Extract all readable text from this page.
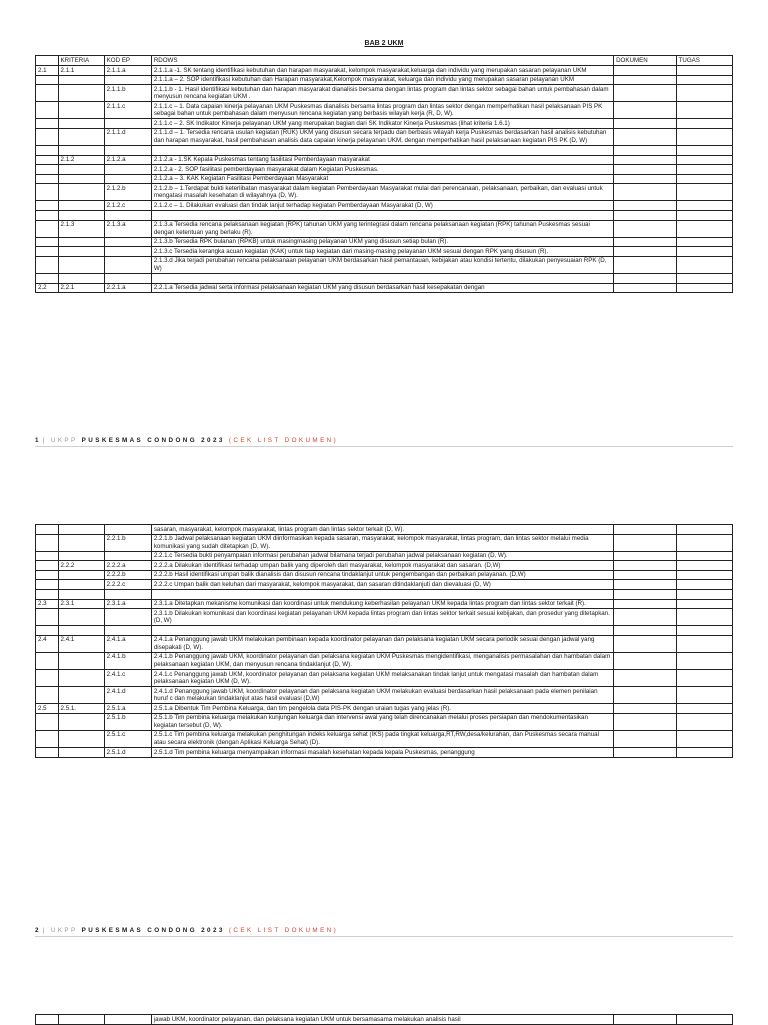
BAB 2 UKM
	KRITERIA	KOD EP	RDOWS	DOKUMEN	TUGAS
2.1	2.1.1	2.1.1.a	2.1.1.a -1. SK tentang identifikasi kebutuhan dan harapan masyarakat, kelompok masyarakat,keluarga dan individu yang merupakan sasaran pelayanan UKM		
			2.1.1.a – 2. SOP identifikasi kebutuhan dan Harapan masyarakat,Kelompok masyarakat, keluarga dan individu yang merupakan sasaran pelayanan UKM		
		2.1.1.b	2.1.1.b - 1. Hasil identifikasi kebutuhan dan harapan masyarakat dianalisis bersama dengan lintas program dan lintas sektor sebagai bahan untuk pembahasan dalam menyusun rencana kegiatan UKM .		
		2.1.1.c	2.1.1.c – 1. Data capaian kinerja pelayanan UKM Puskesmas dianalisis bersama lintas program dan lintas sektor dengan memperhatikan hasil pelaksanaan PIS PK sebagai bahan untuk pembahasan dalam menyusun rencana kegiatan yang berbasis wilayah kerja (R, D, W).		
			2.1.1.c – 2. SK Indikator Kinerja pelayanan UKM yang merupakan bagian dari SK Indikator Kinerja Puskesmas (lihat kriteria 1.6.1)		
		2.1.1.d	2.1.1.d – 1. Tersedia rencana usulan kegiatan (RUK) UKM yang disusun secara terpadu dan berbasis wilayah kerja Puskesmas berdasarkan hasil analisis kebutuhan dan harapan masyarakat, hasil pembahasan analisis data capaian kinerja pelayanan UKM, dengan memperhatikan hasil pelaksanaan kegiatan PIS PK (D, W)		

	2.1.2	2.1.2.a	2.1.2.a - 1.SK Kepala Puskesmas tentang fasilitasi Pemberdayaan masyarakat		
			2.1.2.a - 2. SOP fasilitasi pemberdayaan masyarakat dalam Kegiatan Puskesmas.		
			2.1.2.a – 3. KAK Kegiatan Fasilitasi Pemberdayaan Masyarakat		
		2.1.2.b	2.1.2.b – 1.Terdapat bukti keterlibatan masyarakat dalam kegiatan Pemberdayaan Masyarakat mulai dari perencanaan, pelaksanaan, perbaikan, dan evaluasi untuk mengatasi masalah kesehatan di wilayahnya (D, W).		
		2.1.2.c	2.1.2.c – 1. Dilakukan evaluasi dan tindak lanjut terhadap kegiatan Pemberdayaan Masyarakat (D, W)		

	2.1.3	2.1.3.a	2.1.3.a Tersedia rencana pelaksanaan kegiatan (RPK) tahunan UKM yang terintegrasi dalam rencana pelaksanaan kegiatan (RPK) tahunan Puskesmas sesuai dengan ketentuan yang berlaku (R).		
			2.1.3.b Tersedia RPK bulanan (RPKB) untuk masingmasing pelayanan UKM yang disusun setiap bulan (R).		
			2.1.3.c Tersedia kerangka acuan kegiatan (KAK) untuk tiap kegiatan dari masing-masing pelayanan UKM sesuai dengan RPK yang disusun (R).		
			2.1.3.d Jika terjadi perubahan rencana pelaksanaan pelayanan UKM berdasarkan hasil pemantauan, kebijakan atau kondisi tertentu, dilakukan penyesuaian RPK (D, W)		

2.2	2.2.1	2.2.1.a	2.2.1.a Tersedia jadwal serta informasi pelaksanaan kegiatan UKM yang disusun berdasarkan hasil kesepakatan dengan		
1 | UKPP PUSKESMAS CONDONG 2023 (CEK LIST DOKUMEN)
			sasaran, masyarakat, kelompok masyarakat, lintas program dan lintas sektor terkait (D, W).		
		2.2.1.b	2.2.1.b Jadwal pelaksanaan kegiatan UKM diinformasikan kepada sasaran, masyarakat, kelompok masyarakat, lintas program, dan lintas sektor melalui media komunikasi yang sudah ditetapkan (D, W).		
			2.2.1.c Tersedia bukti penyampaian informasi perubahan jadwal bilamana terjadi perubahan jadwal pelaksanaan kegiatan (D, W).		
	2.2.2	2.2.2.a	2.2.2.a Dilakukan identifikasi terhadap umpan balik yang diperoleh dari masyarakat, kelompok masyarakat dan sasaran. (D,W)		
		2.2.2.b	2.2.2.b Hasil identifikasi umpan balik dianalisis dan disusun rencana tindaklanjut untuk pengembangan dan perbaikan pelayanan. (D,W)		
		2.2.2.c	2.2.2.c Umpan balik dan keluhan dari masyarakat, kelompok masyarakat, dan sasaran ditindaklanjuti dan dievaluasi (D, W)		

2.3	2.3.1	2.3.1.a	2.3.1.a Ditetapkan mekanisme komunikasi dan koordinasi untuk mendukung keberhasilan pelayanan UKM kepada lintas program dan lintas sektor terkait (R).		
			2.3.1.b Dilakukan komunikasi dan koordinasi kegiatan pelayanan UKM kepada lintas program dan lintas sektor terkait sesuai kebijakan, dan prosedur yang ditetapkan. (D, W)		

2.4	2.4.1	2.4.1.a	2.4.1.a Penanggung jawab UKM melakukan pembinaan kepada koordinator pelayanan dan pelaksana kegiatan UKM secara periodik sesuai dengan jadwal yang disepakati (D, W).		
		2.4.1.b	2.4.1.b Penanggung jawab UKM, koordinator pelayanan dan pelaksana kegiatan UKM Puskesmas mengidentifikasi, menganalisis permasalahan dan hambatan dalam pelaksanaan kegiatan UKM, dan menyusun rencana tindaklanjut (D, W).		
		2.4.1.c	2.4.1.c Penanggung jawab UKM, koordinator pelayanan dan pelaksana kegiatan UKM melaksanakan tindak lanjut untuk mengatasi masalah dan hambatan dalam pelaksanaan kegiatan UKM (D, W).		
		2.4.1.d	2.4.1.d Penanggung jawab UKM, koordinator pelayanan dan pelaksana kegiatan UKM melakukan evaluasi berdasarkan hasil pelaksanaan pada elemen penilaian huruf c dan melakukan tindaklanjut atas hasil evaluasi (D,W)		
2.5	2.5.1.	2.5.1.a	2.5.1.a Dibentuk Tim Pembina Keluarga, dan tim pengelola data PIS-PK dengan uraian tugas yang jelas (R).		
		2.5.1.b	2.5.1.b Tim pembina keluarga melakukan kunjungan keluarga dan intervensi awal yang telah direncanakan melalui proses persiapan dan mendokumentasikan kegiatan tersebut (D, W).		
		2.5.1.c	2.5.1.c Tim pembina keluarga melakukan penghitungan indeks keluarga sehat (IKS) pada tingkat keluarga,RT,RW,desa/kelurahan, dan Puskesmas secara manual atau secara elektronik (dengan Aplikasi Keluarga Sehat) (D).		
		2.5.1.d	2.5.1.d Tim pembina keluarga menyampaikan informasi masalah kesehatan kepada kepala Puskesmas, penanggung		
2 | UKPP PUSKESMAS CONDONG 2023 (CEK LIST DOKUMEN)
			jawab UKM, koordinator pelayanan, dan pelaksana kegiatan UKM untuk bersamasama melakukan analisis hasil		
